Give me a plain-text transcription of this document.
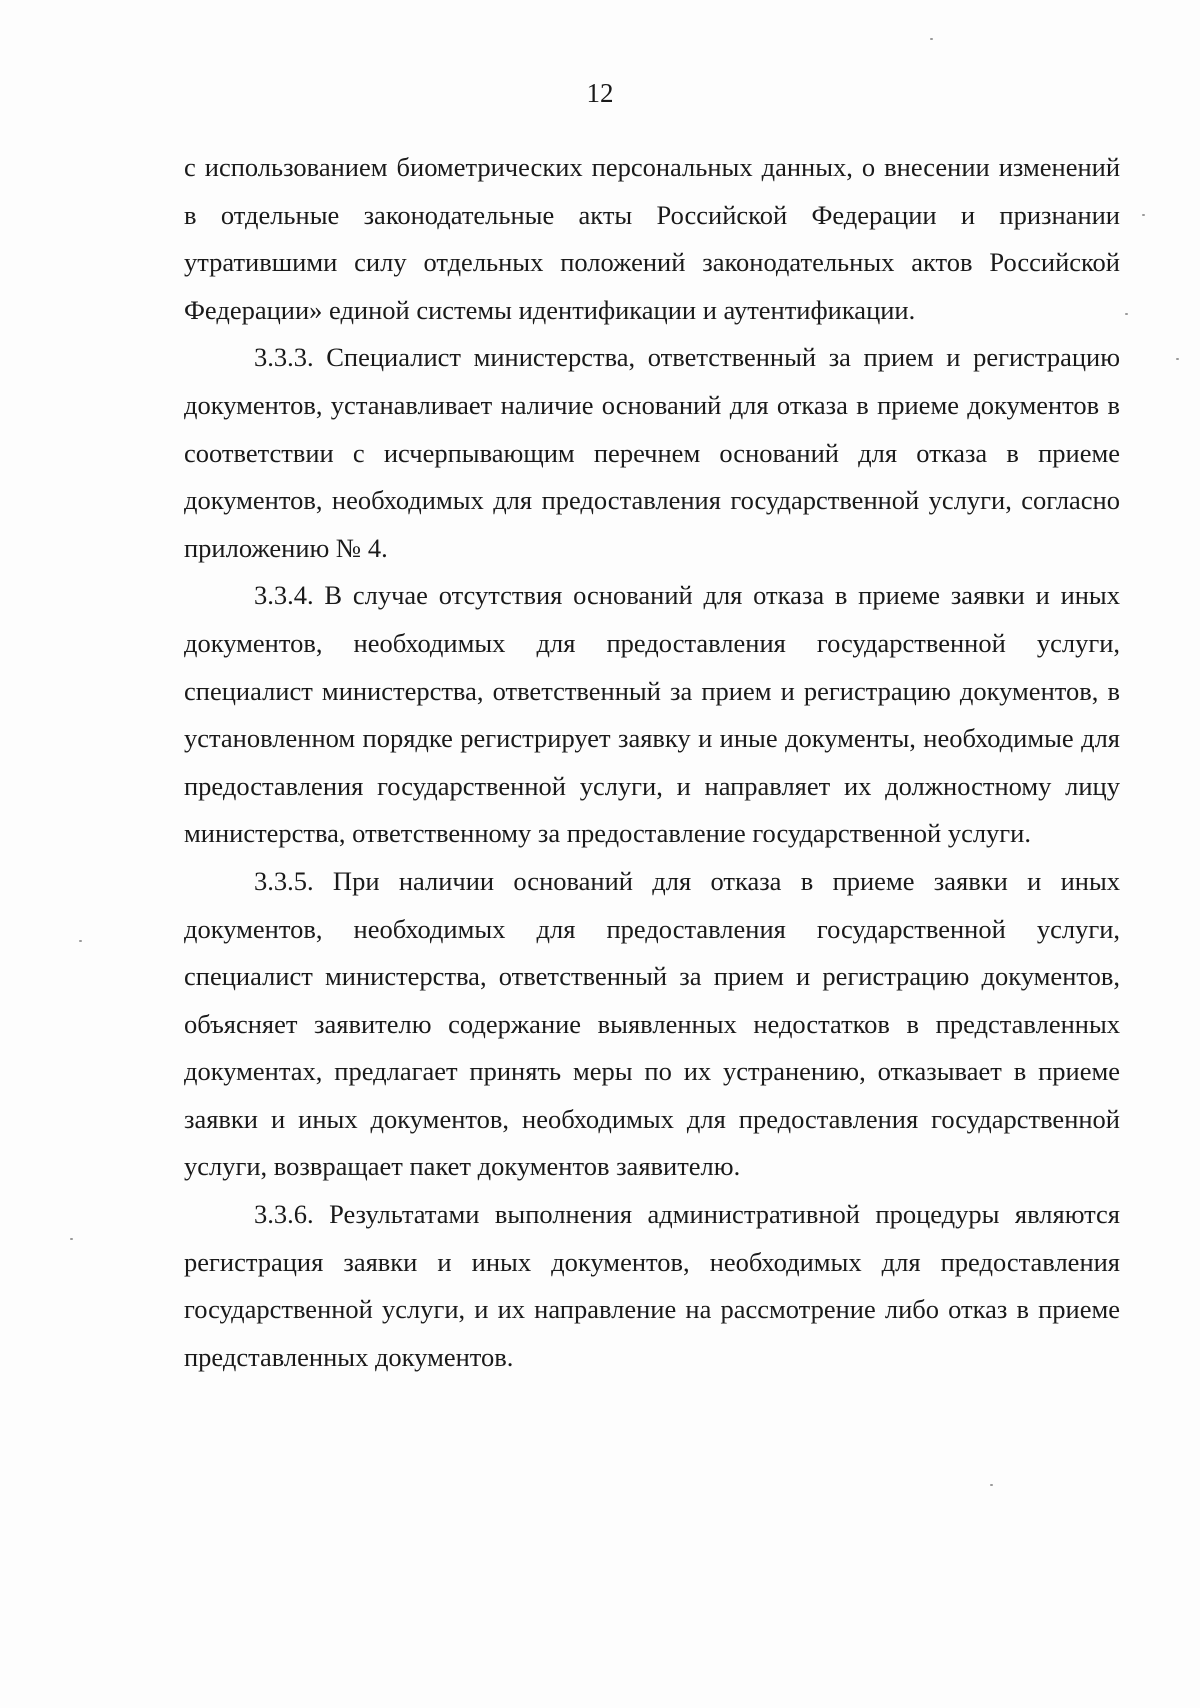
12

с использованием биометрических персональных данных, о внесении изменений в отдельные законодательные акты Российской Федерации и признании утратившими силу отдельных положений законодательных актов Российской Федерации» единой системы идентификации и аутентификации.

3.3.3. Специалист министерства, ответственный за прием и регистрацию документов, устанавливает наличие оснований для отказа в приеме документов в соответствии с исчерпывающим перечнем оснований для отказа в приеме документов, необходимых для предоставления государственной услуги, согласно приложению № 4.

3.3.4. В случае отсутствия оснований для отказа в приеме заявки и иных документов, необходимых для предоставления государственной услуги, специалист министерства, ответственный за прием и регистрацию документов, в установленном порядке регистрирует заявку и иные документы, необходимые для предоставления государственной услуги, и направляет их должностному лицу министерства, ответственному за предоставление государственной услуги.

3.3.5. При наличии оснований для отказа в приеме заявки и иных документов, необходимых для предоставления государственной услуги, специалист министерства, ответственный за прием и регистрацию документов, объясняет заявителю содержание выявленных недостатков в представленных документах, предлагает принять меры по их устранению, отказывает в приеме заявки и иных документов, необходимых для предоставления государственной услуги, возвращает пакет документов заявителю.

3.3.6. Результатами выполнения административной процедуры являются регистрация заявки и иных документов, необходимых для предоставления государственной услуги, и их направление на рассмотрение либо отказ в приеме представленных документов.
